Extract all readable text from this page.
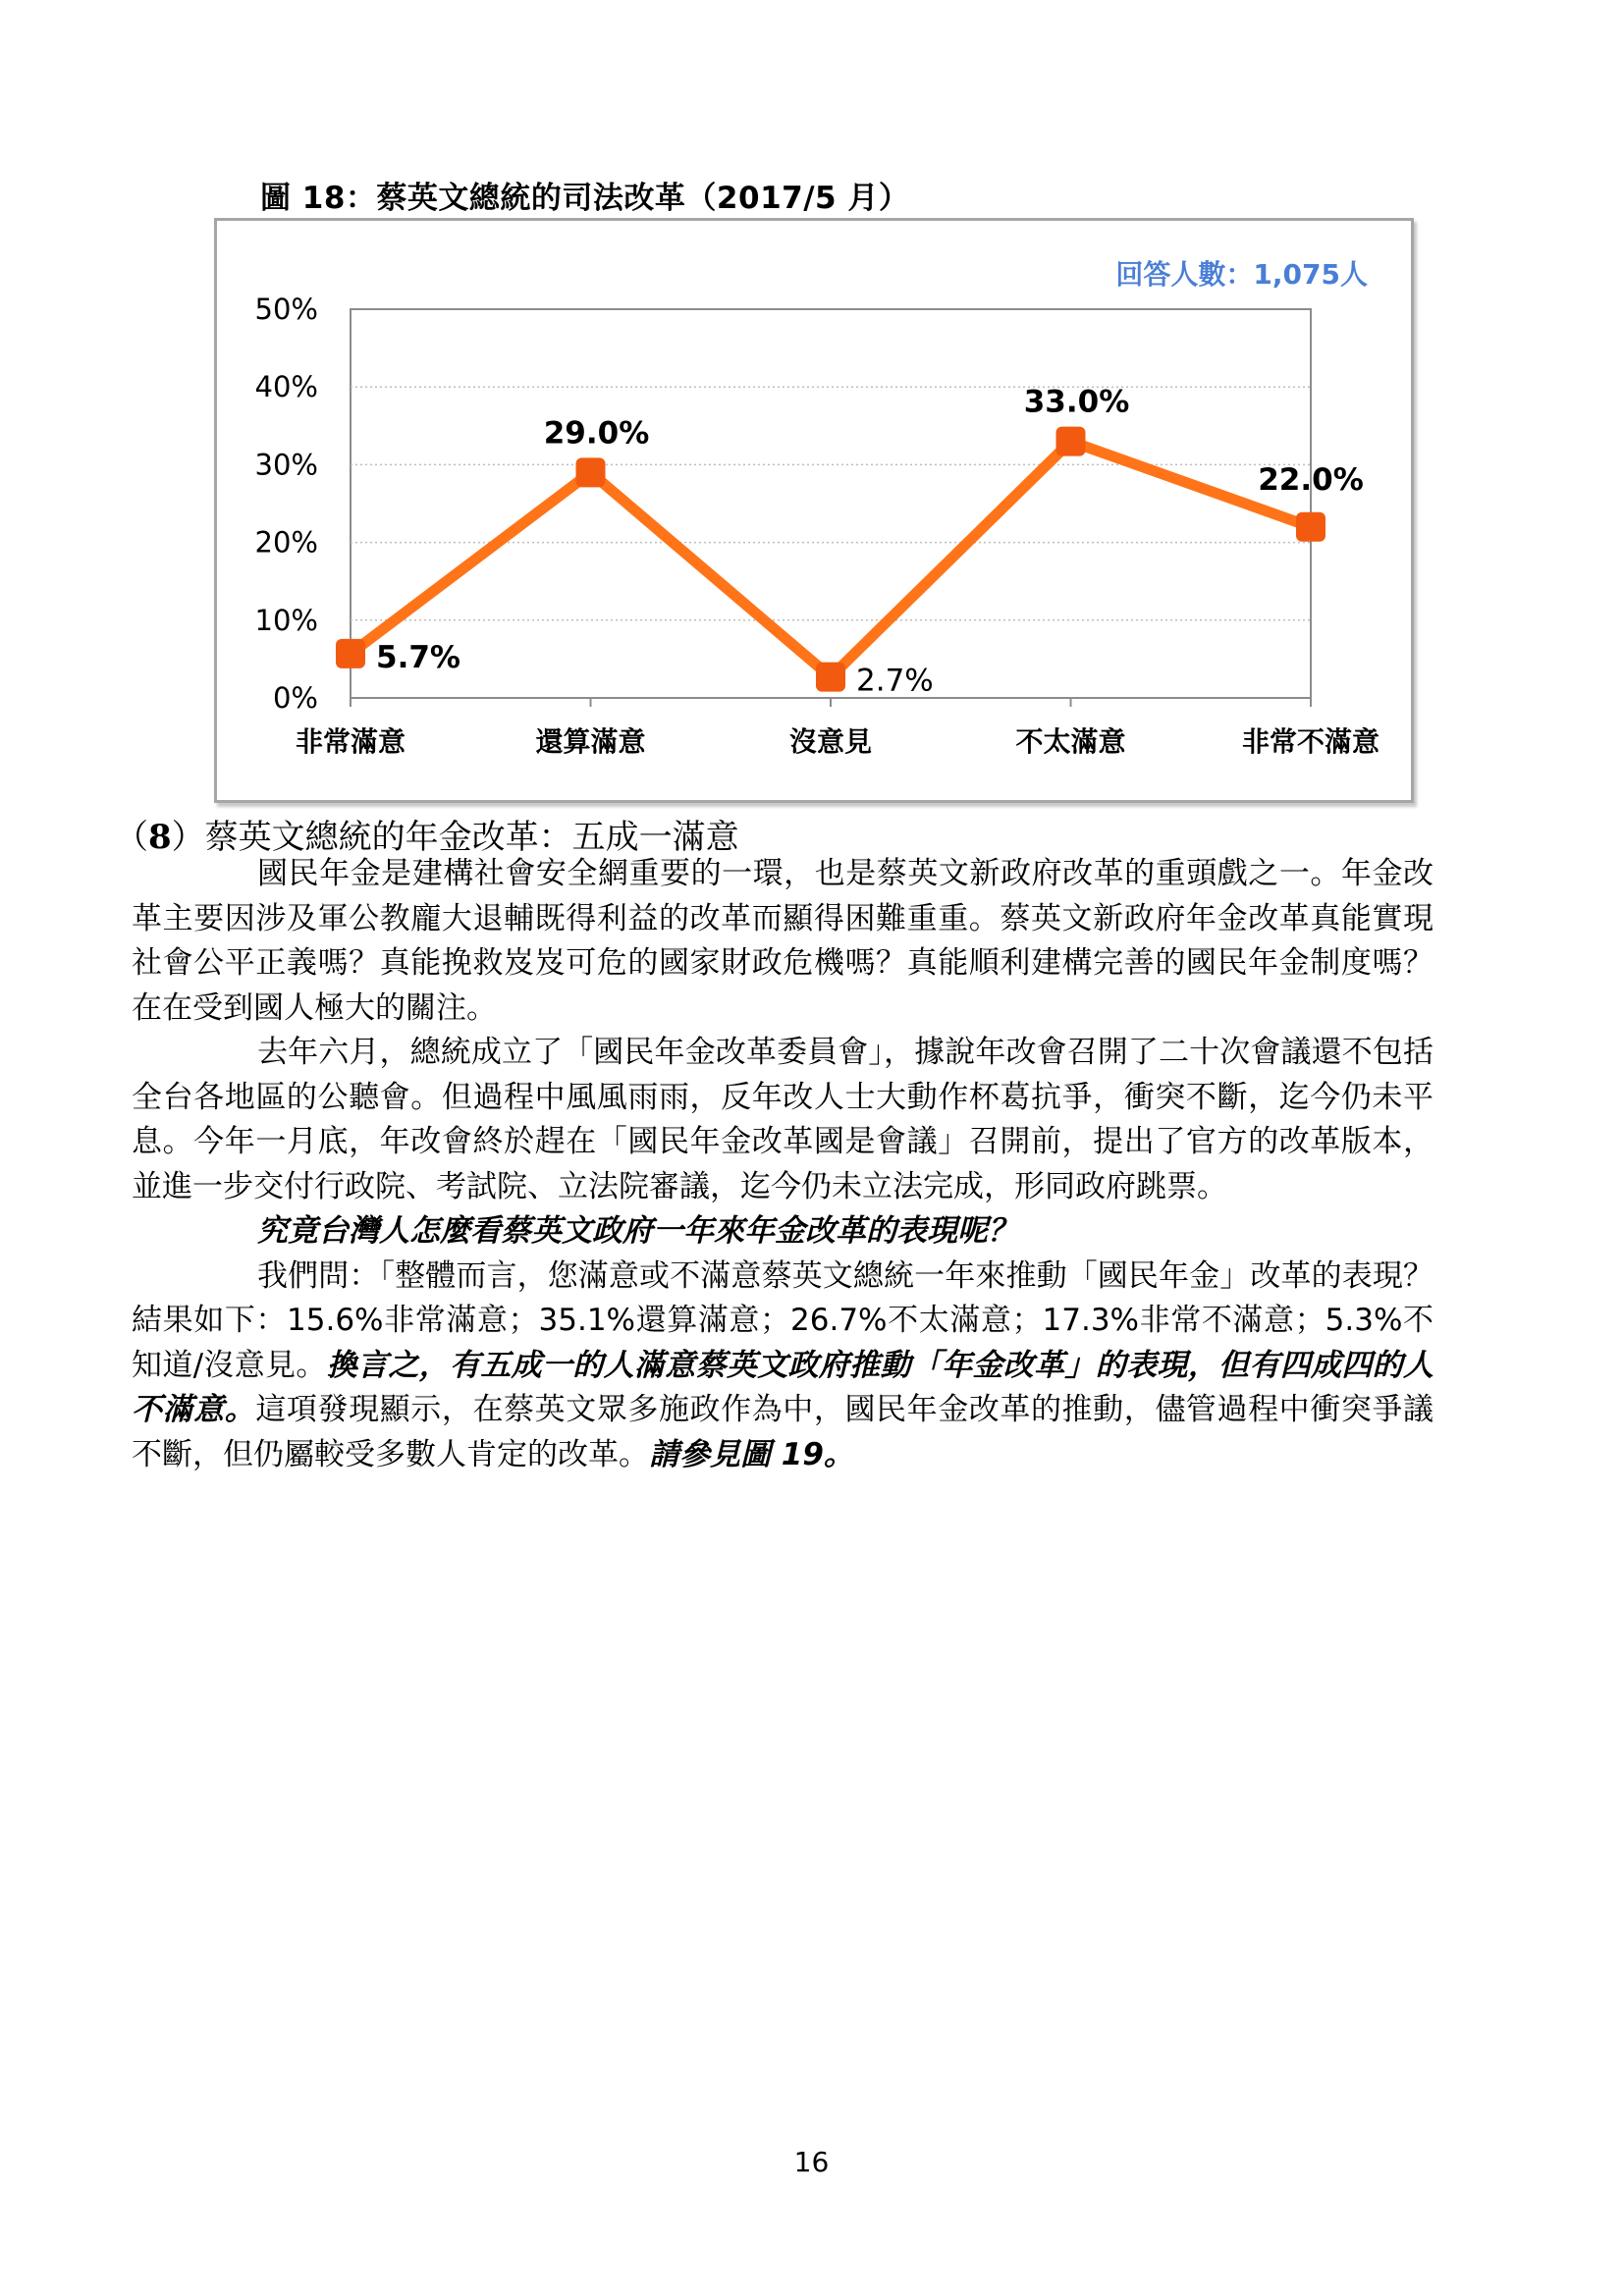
圖 18：蔡英文總統的司法改革（2017/5 月）
0%
10%
20%
30%
40%
50%
非常滿意	還算滿意	沒意見	不太滿意	非常不滿意
5.7%
29.0%
2.7%
33.0%
22.0%
回答人數：1,075人
（8）蔡英文總統的年金改革：五成一滿意

國民年金是建構社會安全網重要的一環，也是蔡英文新政府改革的重頭戲之一。年金改革主要因涉及軍公教龐大退輔既得利益的改革而顯得困難重重。蔡英文新政府年金改革真能實現社會公平正義嗎？真能挽救岌岌可危的國家財政危機嗎？真能順利建構完善的國民年金制度嗎？在在受到國人極大的關注。

去年六月，總統成立了「國民年金改革委員會」，據說年改會召開了二十次會議還不包括全台各地區的公聽會。但過程中風風雨雨，反年改人士大動作杯葛抗爭，衝突不斷，迄今仍未平息。今年一月底，年改會終於趕在「國民年金改革國是會議」召開前，提出了官方的改革版本，並進一步交付行政院、考試院、立法院審議，迄今仍未立法完成，形同政府跳票。

究竟台灣人怎麼看蔡英文政府一年來年金改革的表現呢？

我們問：「整體而言，您滿意或不滿意蔡英文總統一年來推動「國民年金」改革的表現？結果如下：15.6%非常滿意；35.1%還算滿意；26.7%不太滿意；17.3%非常不滿意；5.3%不知道/沒意見。換言之，有五成一的人滿意蔡英文政府推動「年金改革」的表現，但有四成四的人不滿意。這項發現顯示，在蔡英文眾多施政作為中，國民年金改革的推動，儘管過程中衝突爭議不斷，但仍屬較受多數人肯定的改革。請參見圖 19。

16
